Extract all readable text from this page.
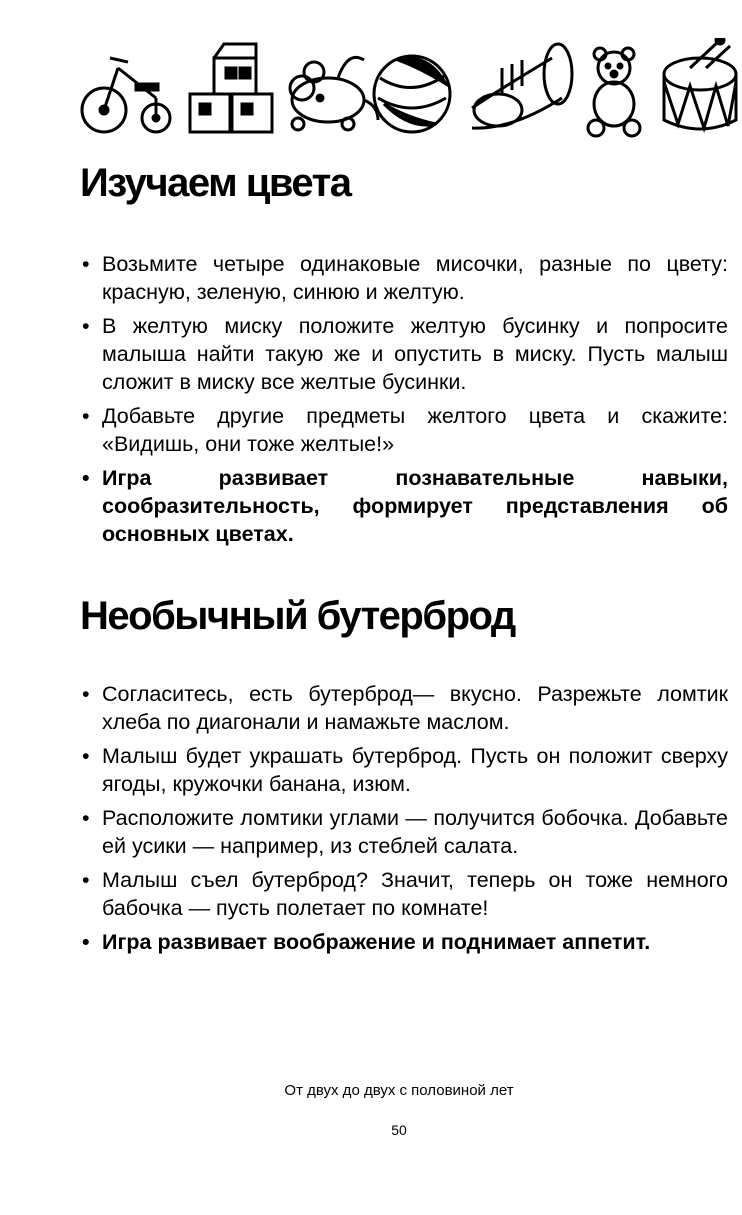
Изучаем цвета
• Возьмите четыре одинаковые мисочки, разные по цвету: красную, зеленую, синюю и желтую.
• В желтую миску положите желтую бусинку и попросите малыша найти такую же и опустить в миску. Пусть малыш сложит в миску все желтые бусинки.
• Добавьте другие предметы желтого цвета и скажите: «Видишь, они тоже желтые!»
• Игра развивает познавательные навыки, сообразительность, формирует представления об основных цветах.
Необычный бутерброд
• Согласитесь, есть бутерброд— вкусно. Разрежьте ломтик хлеба по диагонали и намажьте маслом.
• Малыш будет украшать бутерброд. Пусть он положит сверху ягоды, кружочки банана, изюм.
• Расположите ломтики углами — получится бобочка. Добавьте ей усики — например, из стеблей салата.
• Малыш съел бутерброд? Значит, теперь он тоже немного бабочка — пусть полетает по комнате!
• Игра развивает воображение и поднимает аппетит.
От двух до двух с половиной лет
50
